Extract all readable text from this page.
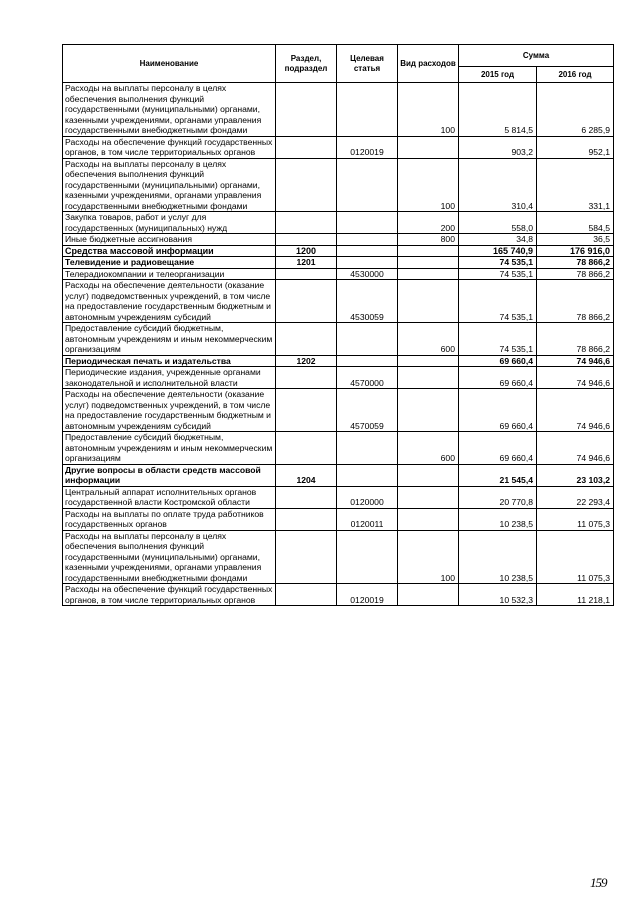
Наименование	Раздел, подраздел	Целевая статья	Вид расходов	Сумма	
				2015 год	2016 год
Расходы на выплаты персоналу в целях обеспечения выполнения функций государственными (муниципальными) органами, казенными учреждениями, органами управления государственными внебюджетными фондами			100	5 814,5	6 285,9
Расходы на обеспечение функций государственных органов, в том числе территориальных органов		0120019		903,2	952,1
Расходы на выплаты персоналу в целях обеспечения выполнения функций государственными (муниципальными) органами, казенными учреждениями, органами управления государственными внебюджетными фондами			100	310,4	331,1
Закупка товаров, работ и услуг для государственных (муниципальных) нужд			200	558,0	584,5
Иные бюджетные ассигнования			800	34,8	36,5
Средства массовой информации	1200			165 740,9	176 916,0
Телевидение и радиовещание	1201			74 535,1	78 866,2
Телерадиокомпании и телеорганизации		4530000		74 535,1	78 866,2
Расходы на обеспечение деятельности (оказание услуг) подведомственных учреждений, в том числе на предоставление государственным бюджетным и автономным учреждениям субсидий		4530059		74 535,1	78 866,2
Предоставление субсидий бюджетным, автономным учреждениям и иным некоммерческим организациям			600	74 535,1	78 866,2
Периодическая печать и издательства	1202			69 660,4	74 946,6
Периодические издания, учрежденные органами законодательной и исполнительной власти		4570000		69 660,4	74 946,6
Расходы на обеспечение деятельности (оказание услуг) подведомственных учреждений, в том числе на предоставление государственным бюджетным и автономным учреждениям субсидий		4570059		69 660,4	74 946,6
Предоставление субсидий бюджетным, автономным учреждениям и иным некоммерческим организациям			600	69 660,4	74 946,6
Другие вопросы в области средств массовой информации	1204			21 545,4	23 103,2
Центральный аппарат исполнительных органов государственной власти Костромской области		0120000		20 770,8	22 293,4
Расходы на выплаты по оплате труда работников государственных органов		0120011		10 238,5	11 075,3
Расходы на выплаты персоналу в целях обеспечения выполнения функций государственными (муниципальными) органами, казенными учреждениями, органами управления государственными внебюджетными фондами			100	10 238,5	11 075,3
Расходы на обеспечение функций государственных органов, в том числе территориальных органов		0120019		10 532,3	11 218,1
159
